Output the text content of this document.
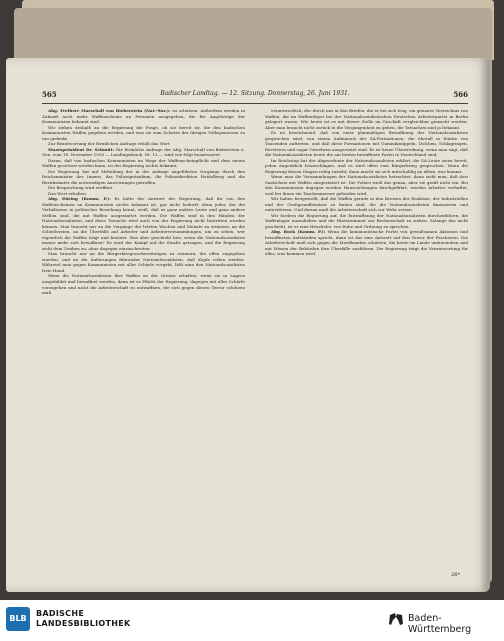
565	Badischer Landtag. — 12. Sitzung. Donnerstag, 26. Juni 1931.	566

Abg. Freiherr Marschall von Bieberstein (Nat.-Soz.): zu schützen. Außerdem werden in Zukunft auch mehr Waffenscheine an Personen ausgegeben, die für Angehörige der Kommunisten bekannt sind.

Wir ziehen deshalb an die Regierung die Frage, ob sie bereit ist, die den badischen Kommunisten Waffen gegeben werden, und was sie zum Schutze der übrigen Volksgenossen zu tun gedenkt.

Zur Beantwortung der förmlichen Anfrage erhält das Wort

Staatspräsident Dr. Schmitt: Die förmliche Anfrage der Abg. Marschall von Bieberstein u. Gen. vom 18. November 1930 — Landtagsdruck. Nr. 13 — wird wie folgt beantwortet:

Daran, daß von badischen Kommunisten im Wege der Waffenscheinpflicht und dem neuen Waffen gesichert werden kann, ist der Regierung nichts bekannt.

Die Regierung hat auf Mitteilung der in der Anfrage angeführten Vorgänge durch den Reichsminister des Innern, das Polizeipräsidium, die Polizeidirektion Heidelberg und die Bezirksämter die notwendigen Anweisungen getroffen.

Die Besprechung wird eröffnet.

Das Wort erhalten

Abg. Döring (Komm. P.): Es hätte der Antwort der Regierung, daß ihr von den Waffenscheinen an Kommunisten nichts bekannt ist, gar nicht bedurft; denn jeder, der die Verhältnisse in politischer Beziehung kennt, weiß, daß es ganz andere Leute und ganz andere Stellen sind, die mit Waffen ausgestattet werden. Die Waffen sind in den Händen der Nationalsozialisten, und diese Tatsache wird auch von der Regierung nicht bestritten werden können. Man braucht nur an die Vorgänge der letzten Wochen und Monate zu erinnern, an die Schießereien, an die Überfälle auf Arbeiter und Arbeiterversammlungen, um zu sehen, wer eigentlich die Waffen trägt und benützt. Was aber geschieht hier, wenn die Nationalsozialisten immer mehr sich bewaffnen? Es wird der Kampf auf die Straße getragen, und die Regierung sieht dem Treiben zu, ohne dagegen einzuschreiten.

Man braucht nur an die Bürgerkriegsvorbereitungen zu erinnern, die offen zugegeben wurden, und an die Äußerungen führender Nationalsozialisten, daß Köpfe rollen werden. Während man gegen Kommunisten mit aller Schärfe vorgeht, läßt man den Nationalsozialisten freie Hand.

Wenn die Nationalsozialisten ihre Waffen an der Grenze erhalten, wenn sie in Lagern ausgebildet und bewaffnet werden, dann ist es Pflicht der Regierung, dagegen mit aller Schärfe vorzugehen und nicht die Arbeiterschaft zu entwaffnen, die sich gegen diesen Terror schützen muß.

verantwortlich, der durch uns in den Briefen, die er bei sich trug, ein genaues Verzeichnis von Waffen, die im Waffendepot bei der Nationalsozialistischen Deutschen Arbeiterpartei in Berlin gelagert waren. Wie heute ist es mit dieser Stelle im Geschäft vergleichbar gemacht worden. Aber man braucht nicht zurück in die Vergangenheit zu gehen, die Tatsachen sind ja bekannt.

Es ist bezeichnend, daß von einer planmäßigen Bewaffnung der Nationalsozialisten gesprochen wird, von einem Aufmarsch der SA-Formationen, die überall in Stärke von Tausenden auftreten, und daß diese Formationen mit Gummiknüppeln, Dolchen, Schlagringen, Revolvern und sogar Gewehren ausgerüstet sind. Es ist keine Übertreibung, wenn man sagt, daß die Nationalsozialisten heute die am besten bewaffnete Partei in Deutschland sind.

Im Reichstag hat der Abgeordnete der Nationalsozialisten erklärt, die SA-Leute seien bereit, jeden Augenblick loszuschlagen, und es wird offen vom Bürgerkrieg gesprochen. Wenn die Regierung diesen Dingen ruhig zusieht, dann macht sie sich mitschuldig an allem, was kommt.

Wenn man die Versammlungen der Nationalsozialisten betrachtet, dann sieht man, daß dort Saalschutz mit Waffen ausgestattet ist. Die Polizei weiß das genau, aber sie greift nicht ein. Bei den Kommunisten dagegen werden Haussuchungen durchgeführt, werden Arbeiter verhaftet, weil bei ihnen ein Taschenmesser gefunden wird.

Wir haben festgestellt, daß die Waffen gerade in den Kreisen der Reaktion, der Industriellen und der Großgrundbesitzer zu finden sind, die die Nationalsozialisten finanzieren und unterstützen. Und darum muß die Arbeiterschaft sich zur Wehr setzen.

Wir fordern die Regierung auf, die Entwaffnung der Nationalsozialisten durchzuführen, die Waffenlager auszuheben und die Hintermänner zur Rechenschaft zu ziehen. Solange das nicht geschieht, ist es eine Heuchelei, von Ruhe und Ordnung zu sprechen.

Abg. Bock (Komm. P.): Wenn die kommunistische Partei von gewaltsamen Aktionen und bewaffneten Aufständen spricht, dann ist das eine Antwort auf den Terror der Faschisten. Die Arbeiterschaft muß sich gegen die Mordbanden schützen, die heute im Lande umherziehen und mit Wissen der Behörden ihre Überfälle ausführen. Die Regierung trägt die Verantwortung für alles, was kommen wird.

26*
BLB
BADISCHE
LANDESBIBLIOTHEK	Baden-Württemberg
